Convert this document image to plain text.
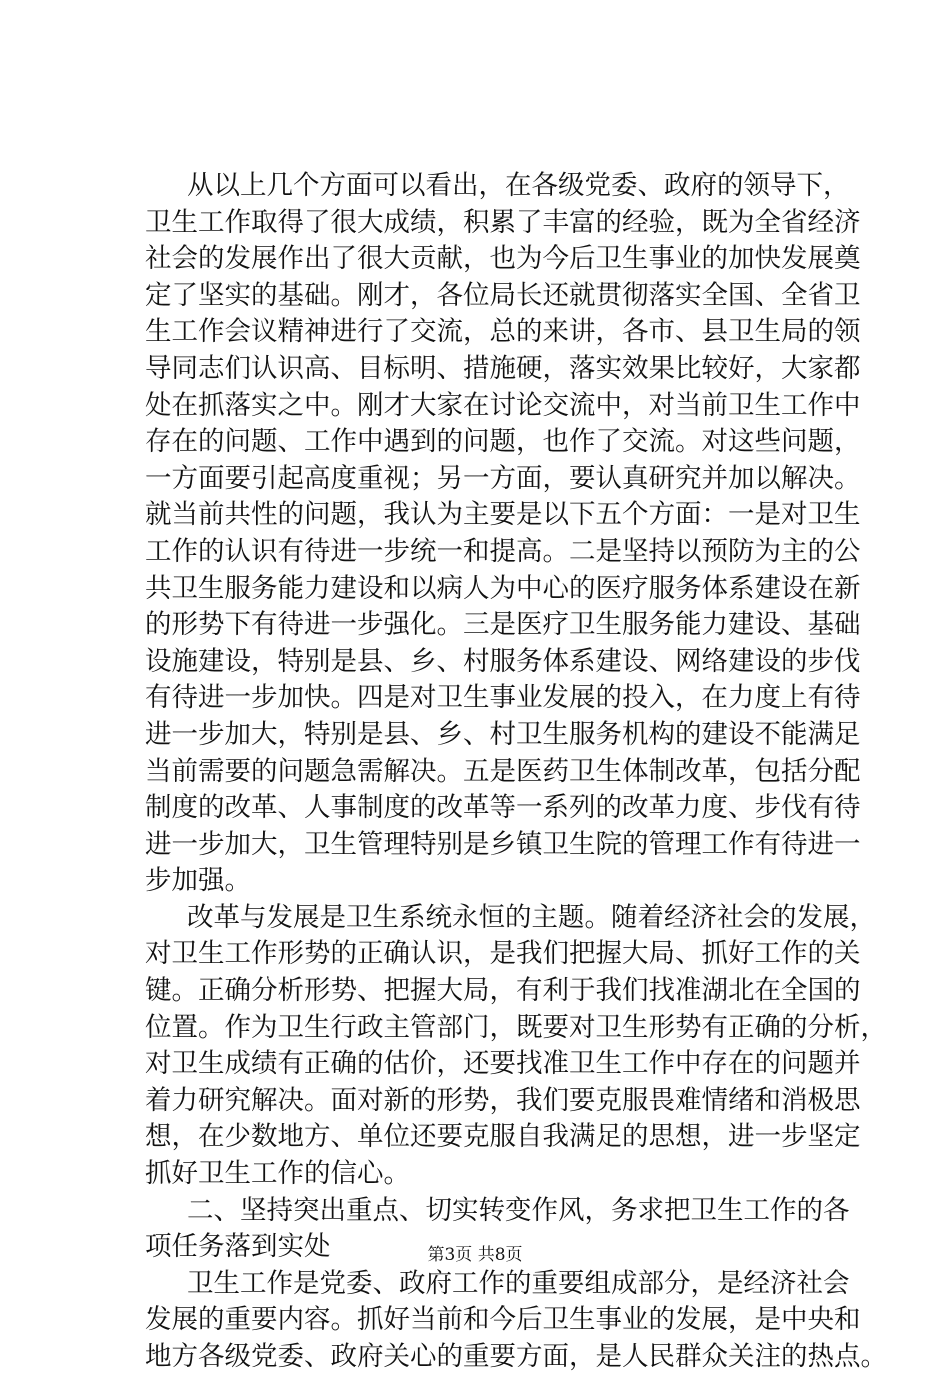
从以上几个方面可以看出，在各级党委、政府的领导下，
卫生工作取得了很大成绩，积累了丰富的经验，既为全省经济
社会的发展作出了很大贡献，也为今后卫生事业的加快发展奠
定了坚实的基础。刚才，各位局长还就贯彻落实全国、全省卫
生工作会议精神进行了交流，总的来讲，各市、县卫生局的领
导同志们认识高、目标明、措施硬，落实效果比较好，大家都
处在抓落实之中。刚才大家在讨论交流中，对当前卫生工作中
存在的问题、工作中遇到的问题，也作了交流。对这些问题，
一方面要引起高度重视；另一方面，要认真研究并加以解决。
就当前共性的问题，我认为主要是以下五个方面：一是对卫生
工作的认识有待进一步统一和提高。二是坚持以预防为主的公
共卫生服务能力建设和以病人为中心的医疗服务体系建设在新
的形势下有待进一步强化。三是医疗卫生服务能力建设、基础
设施建设，特别是县、乡、村服务体系建设、网络建设的步伐
有待进一步加快。四是对卫生事业发展的投入，在力度上有待
进一步加大，特别是县、乡、村卫生服务机构的建设不能满足
当前需要的问题急需解决。五是医药卫生体制改革，包括分配
制度的改革、人事制度的改革等一系列的改革力度、步伐有待
进一步加大，卫生管理特别是乡镇卫生院的管理工作有待进一
步加强。
改革与发展是卫生系统永恒的主题。随着经济社会的发展，
对卫生工作形势的正确认识，是我们把握大局、抓好工作的关
键。正确分析形势、把握大局，有利于我们找准湖北在全国的
位置。作为卫生行政主管部门，既要对卫生形势有正确的分析，
对卫生成绩有正确的估价，还要找准卫生工作中存在的问题并
着力研究解决。面对新的形势，我们要克服畏难情绪和消极思
想，在少数地方、单位还要克服自我满足的思想，进一步坚定
抓好卫生工作的信心。
二、坚持突出重点、切实转变作风，务求把卫生工作的各
项任务落到实处
卫生工作是党委、政府工作的重要组成部分，是经济社会
发展的重要内容。抓好当前和今后卫生事业的发展，是中央和
地方各级党委、政府关心的重要方面，是人民群众关注的热点。
第3页 共8页
